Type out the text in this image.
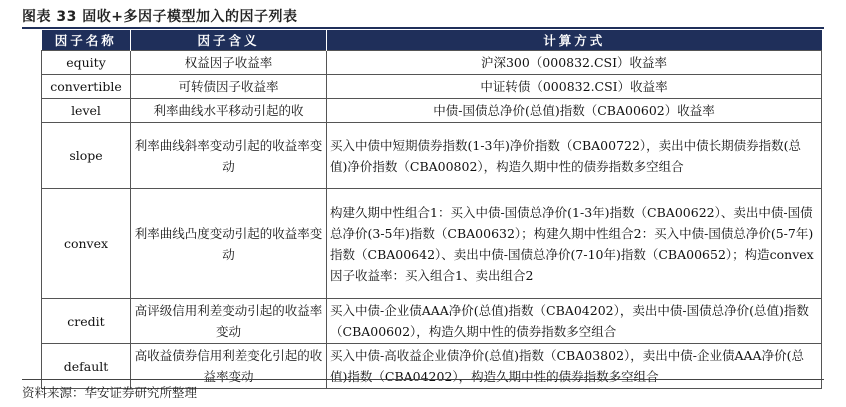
图表 33 固收+多因子模型加入的因子列表
因子名称	因子含义	计算方式
equity	权益因子收益率	沪深300（000832.CSI）收益率
convertible	可转债因子收益率	中证转债（000832.CSI）收益率
level	利率曲线水平移动引起的收	中债-国债总净价(总值)指数（CBA00602）收益率
slope	利率曲线斜率变动引起的收益率变动	买入中债中短期债券指数(1-3年)净价指数（CBA00722），卖出中债长期债券指数(总值)净价指数（CBA00802），构造久期中性的债券指数多空组合
convex	利率曲线凸度变动引起的收益率变动	构建久期中性组合1：买入中债-国债总净价(1-3年)指数（CBA00622）、卖出中债-国债总净价(3-5年)指数（CBA00632）；构建久期中性组合2：买入中债-国债总净价(5-7年)指数（CBA00642）、卖出中债-国债总净价(7-10年)指数（CBA00652）；构造convex因子收益率：买入组合1、卖出组合2
credit	高评级信用利差变动引起的收益率变动	买入中债-企业债AAA净价(总值)指数（CBA04202），卖出中债-国债总净价(总值)指数（CBA00602），构造久期中性的债券指数多空组合
default	高收益债券信用利差变化引起的收益率变动	买入中债-高收益企业债净价(总值)指数（CBA03802），卖出中债-企业债AAA净价(总值)指数（CBA04202），构造久期中性的债券指数多空组合
资料来源：华安证券研究所整理
